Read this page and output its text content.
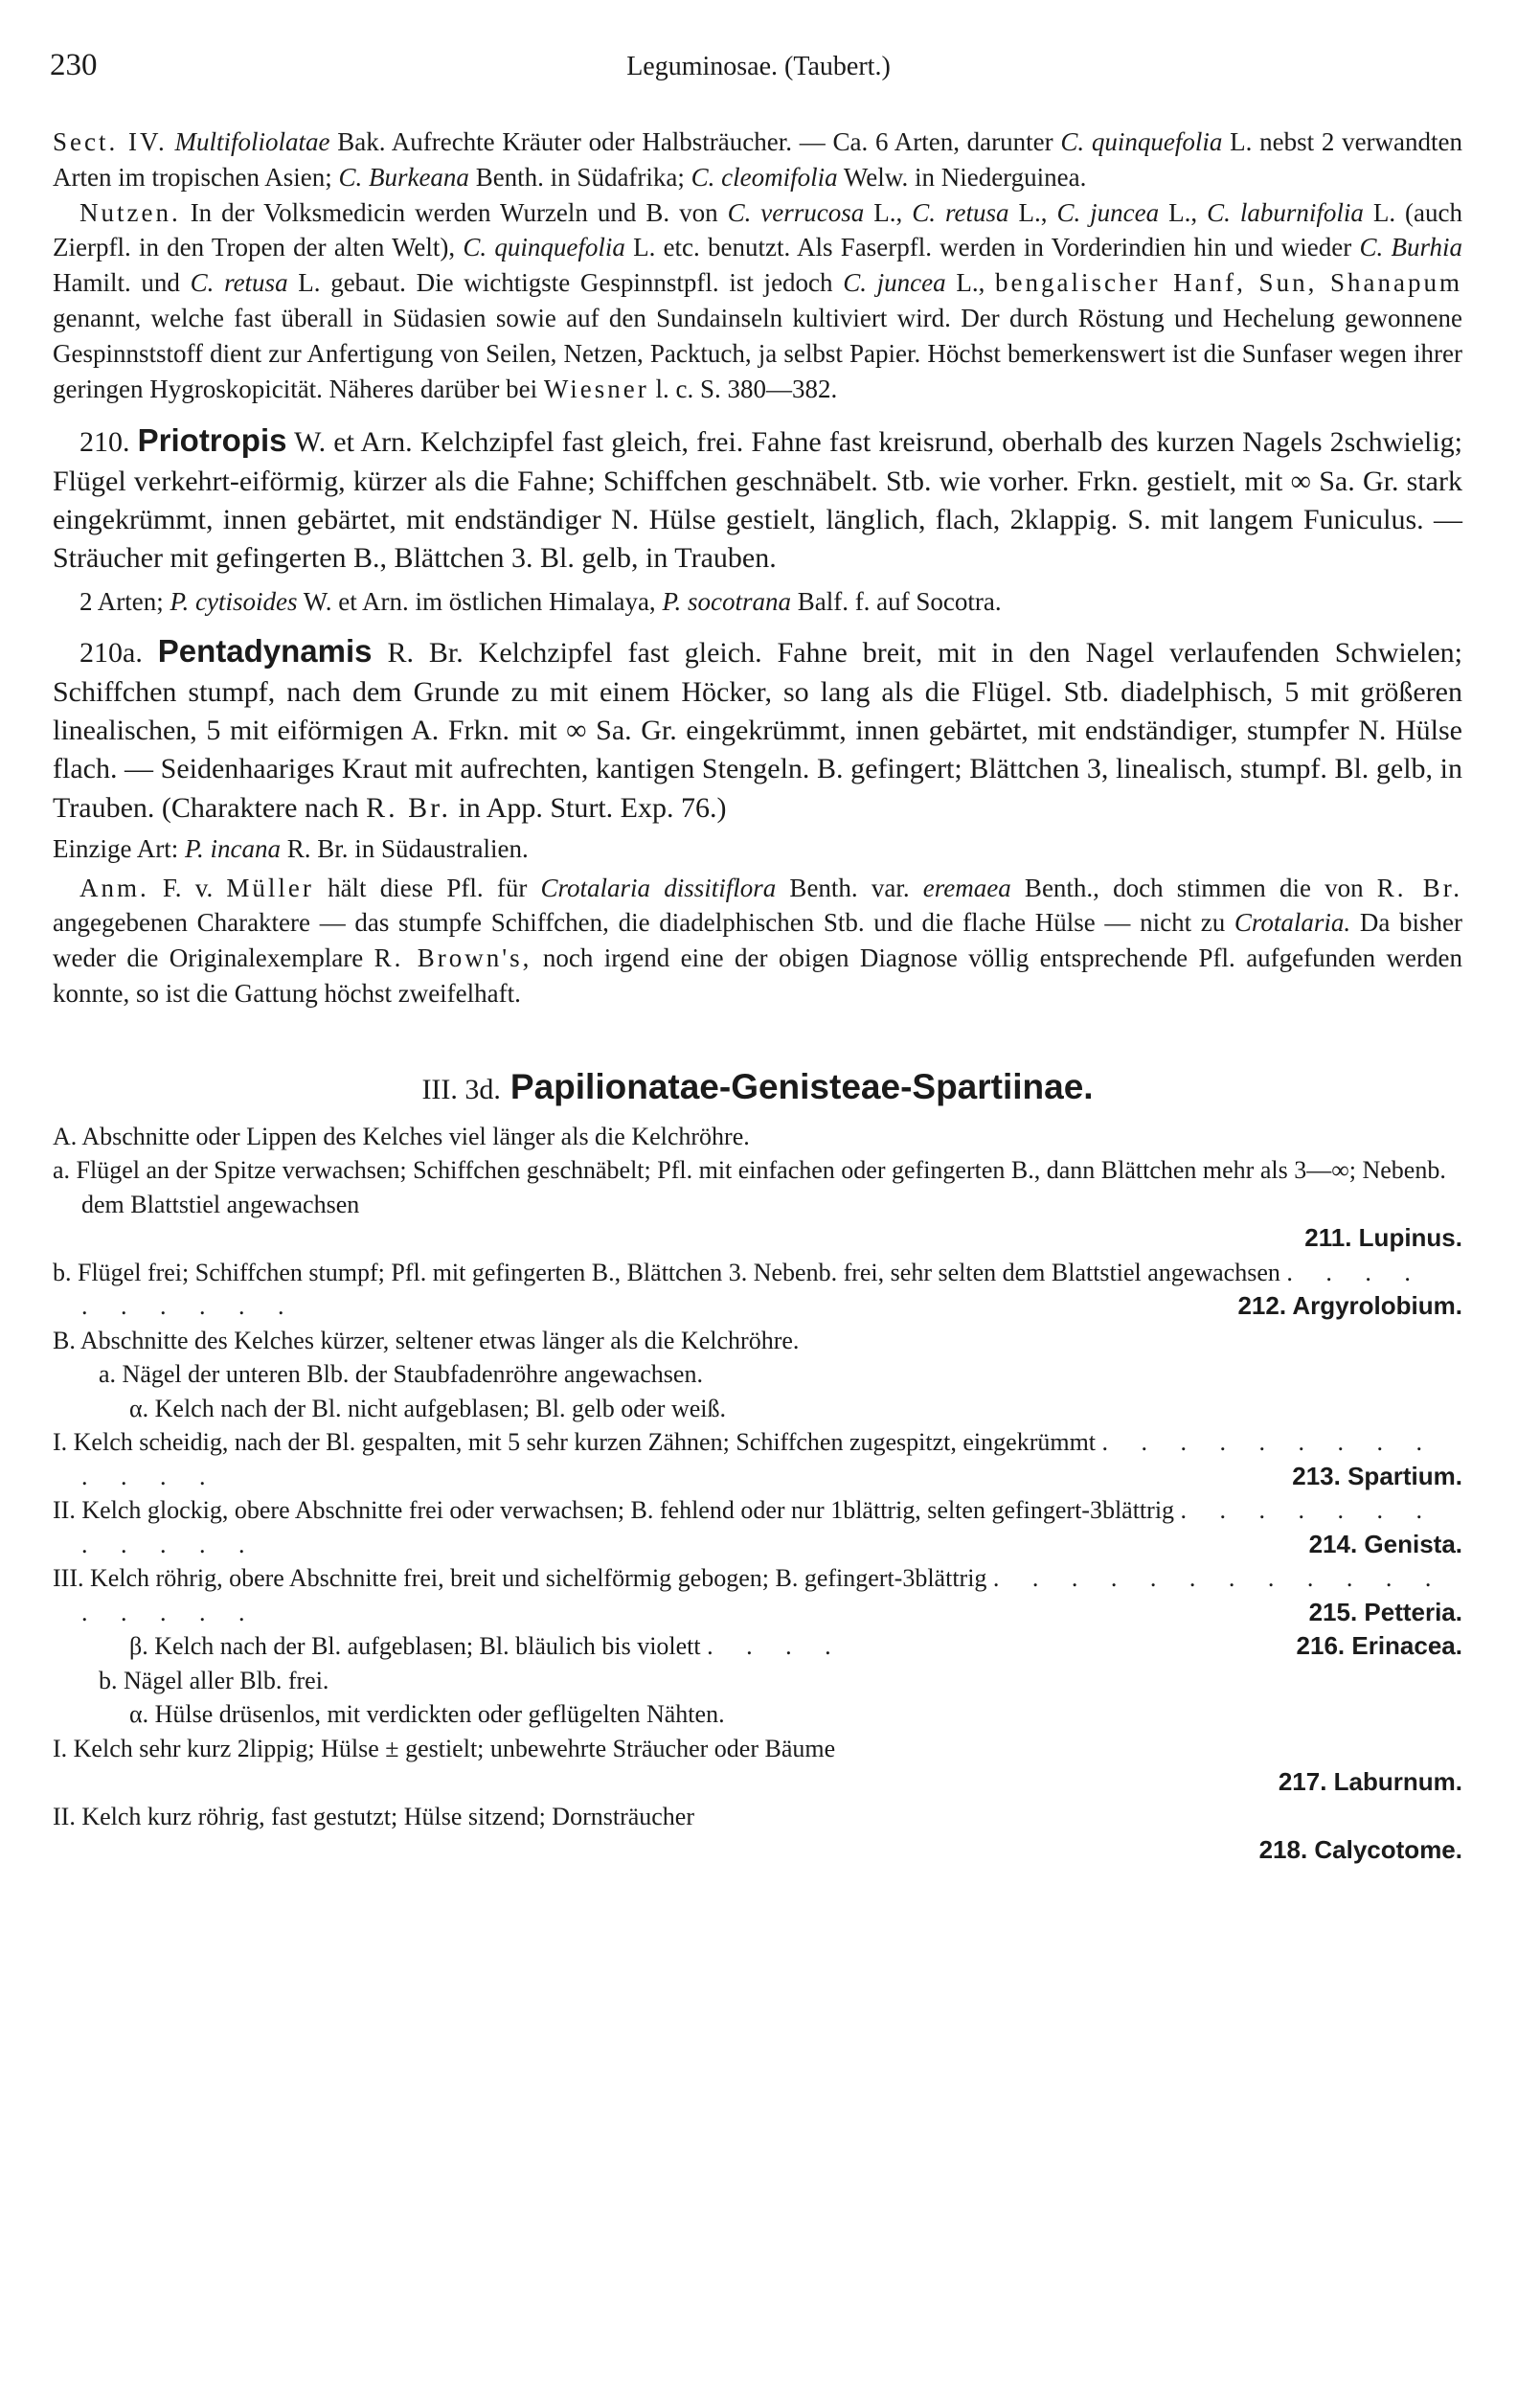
230	Leguminosae. (Taubert.)

Sect. IV. Multifoliolatae Bak. Aufrechte Kräuter oder Halbsträucher. — Ca. 6 Arten, darunter C. quinquefolia L. nebst 2 verwandten Arten im tropischen Asien; C. Burkeana Benth. in Südafrika; C. cleomifolia Welw. in Niederguinea.

Nutzen. In der Volksmedicin werden Wurzeln und B. von C. verrucosa L., C. retusa L., C. juncea L., C. laburnifolia L. (auch Zierpfl. in den Tropen der alten Welt), C. quinquefolia L. etc. benutzt. Als Faserpfl. werden in Vorderindien hin und wieder C. Burhia Hamilt. und C. retusa L. gebaut. Die wichtigste Gespinnstpfl. ist jedoch C. juncea L., bengalischer Hanf, Sun, Shanapum genannt, welche fast überall in Südasien sowie auf den Sundainseln kultiviert wird. Der durch Röstung und Hechelung gewonnene Gespinnststoff dient zur Anfertigung von Seilen, Netzen, Packtuch, ja selbst Papier. Höchst bemerkenswert ist die Sunfaser wegen ihrer geringen Hygroskopicität. Näheres darüber bei Wiesner l. c. S. 380—382.

210. Priotropis W. et Arn. Kelchzipfel fast gleich, frei. Fahne fast kreisrund, oberhalb des kurzen Nagels 2schwielig; Flügel verkehrt-eiförmig, kürzer als die Fahne; Schiffchen geschnäbelt. Stb. wie vorher. Frkn. gestielt, mit ∞ Sa. Gr. stark eingekrümmt, innen gebärtet, mit endständiger N. Hülse gestielt, länglich, flach, 2klappig. S. mit langem Funiculus. — Sträucher mit gefingerten B., Blättchen 3. Bl. gelb, in Trauben.

2 Arten; P. cytisoides W. et Arn. im östlichen Himalaya, P. socotrana Balf. f. auf Socotra.

210a. Pentadynamis R. Br. Kelchzipfel fast gleich. Fahne breit, mit in den Nagel verlaufenden Schwielen; Schiffchen stumpf, nach dem Grunde zu mit einem Höcker, so lang als die Flügel. Stb. diadelphisch, 5 mit größeren linealischen, 5 mit eiförmigen A. Frkn. mit ∞ Sa. Gr. eingekrümmt, innen gebärtet, mit endständiger, stumpfer N. Hülse flach. — Seidenhaariges Kraut mit aufrechten, kantigen Stengeln. B. gefingert; Blättchen 3, linealisch, stumpf. Bl. gelb, in Trauben. (Charaktere nach R. Br. in App. Sturt. Exp. 76.)

Einzige Art: P. incana R. Br. in Südaustralien.

Anm. F. v. Müller hält diese Pfl. für Crotalaria dissitiflora Benth. var. eremaea Benth., doch stimmen die von R. Br. angegebenen Charaktere — das stumpfe Schiffchen, die diadelphischen Stb. und die flache Hülse — nicht zu Crotalaria. Da bisher weder die Originalexemplare R. Brown's, noch irgend eine der obigen Diagnose völlig entsprechende Pfl. aufgefunden werden konnte, so ist die Gattung höchst zweifelhaft.

III. 3d. Papilionatae-Genisteae-Spartiinae.

A. Abschnitte oder Lippen des Kelches viel länger als die Kelchröhre.
a. Flügel an der Spitze verwachsen; Schiffchen geschnäbelt; Pfl. mit einfachen oder gefingerten B., dann Blättchen mehr als 3—∞; Nebenb. dem Blattstiel angewachsen
211. Lupinus.
b. Flügel frei; Schiffchen stumpf; Pfl. mit gefingerten B., Blättchen 3. Nebenb. frei, sehr selten dem Blattstiel angewachsen . . . . . . . . . .	212. Argyrolobium.
B. Abschnitte des Kelches kürzer, seltener etwas länger als die Kelchröhre.
a. Nägel der unteren Blb. der Staubfadenröhre angewachsen.
α. Kelch nach der Bl. nicht aufgeblasen; Bl. gelb oder weiß.
I. Kelch scheidig, nach der Bl. gespalten, mit 5 sehr kurzen Zähnen; Schiffchen zugespitzt, eingekrümmt . . . . . . . . . . . . .	213. Spartium.
II. Kelch glockig, obere Abschnitte frei oder verwachsen; B. fehlend oder nur 1blättrig, selten gefingert-3blättrig . . . . . . . . . . . .	214. Genista.
III. Kelch röhrig, obere Abschnitte frei, breit und sichelförmig gebogen; B. gefingert-3blättrig . . . . . . . . . . . . . . . . .	215. Petteria.
β. Kelch nach der Bl. aufgeblasen; Bl. bläulich bis violett . . . .	216. Erinacea.
b. Nägel aller Blb. frei.
α. Hülse drüsenlos, mit verdickten oder geflügelten Nähten.
I. Kelch sehr kurz 2lippig; Hülse ± gestielt; unbewehrte Sträucher oder Bäume
217. Laburnum.
II. Kelch kurz röhrig, fast gestutzt; Hülse sitzend; Dornsträucher
218. Calycotome.
